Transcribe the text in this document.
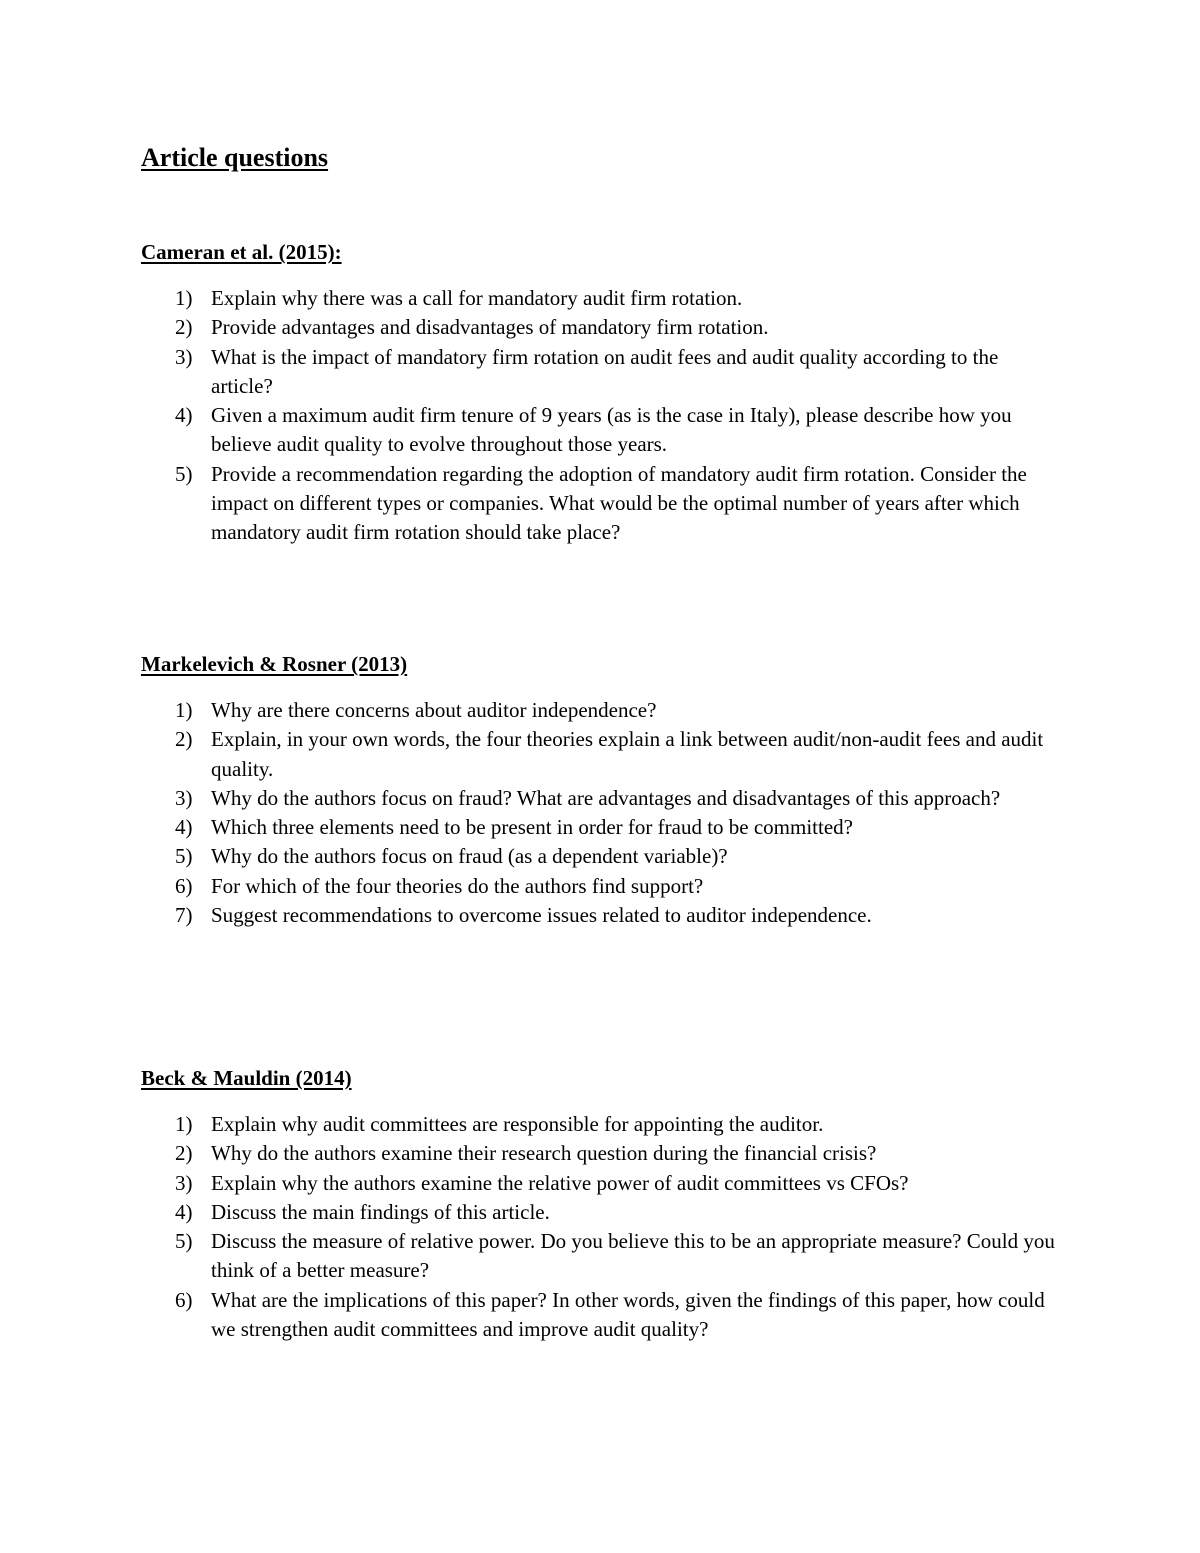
Article questions
Cameran et al. (2015):
1) Explain why there was a call for mandatory audit firm rotation.
2) Provide advantages and disadvantages of mandatory firm rotation.
3) What is the impact of mandatory firm rotation on audit fees and audit quality according to the article?
4) Given a maximum audit firm tenure of 9 years (as is the case in Italy), please describe how you believe audit quality to evolve throughout those years.
5) Provide a recommendation regarding the adoption of mandatory audit firm rotation. Consider the impact on different types or companies. What would be the optimal number of years after which mandatory audit firm rotation should take place?
Markelevich & Rosner (2013)
1) Why are there concerns about auditor independence?
2) Explain, in your own words, the four theories explain a link between audit/non-audit fees and audit quality.
3) Why do the authors focus on fraud? What are advantages and disadvantages of this approach?
4) Which three elements need to be present in order for fraud to be committed?
5) Why do the authors focus on fraud (as a dependent variable)?
6) For which of the four theories do the authors find support?
7) Suggest recommendations to overcome issues related to auditor independence.
Beck & Mauldin (2014)
1) Explain why audit committees are responsible for appointing the auditor.
2) Why do the authors examine their research question during the financial crisis?
3) Explain why the authors examine the relative power of audit committees vs CFOs?
4) Discuss the main findings of this article.
5) Discuss the measure of relative power. Do you believe this to be an appropriate measure? Could you think of a better measure?
6) What are the implications of this paper? In other words, given the findings of this paper, how could we strengthen audit committees and improve audit quality?
